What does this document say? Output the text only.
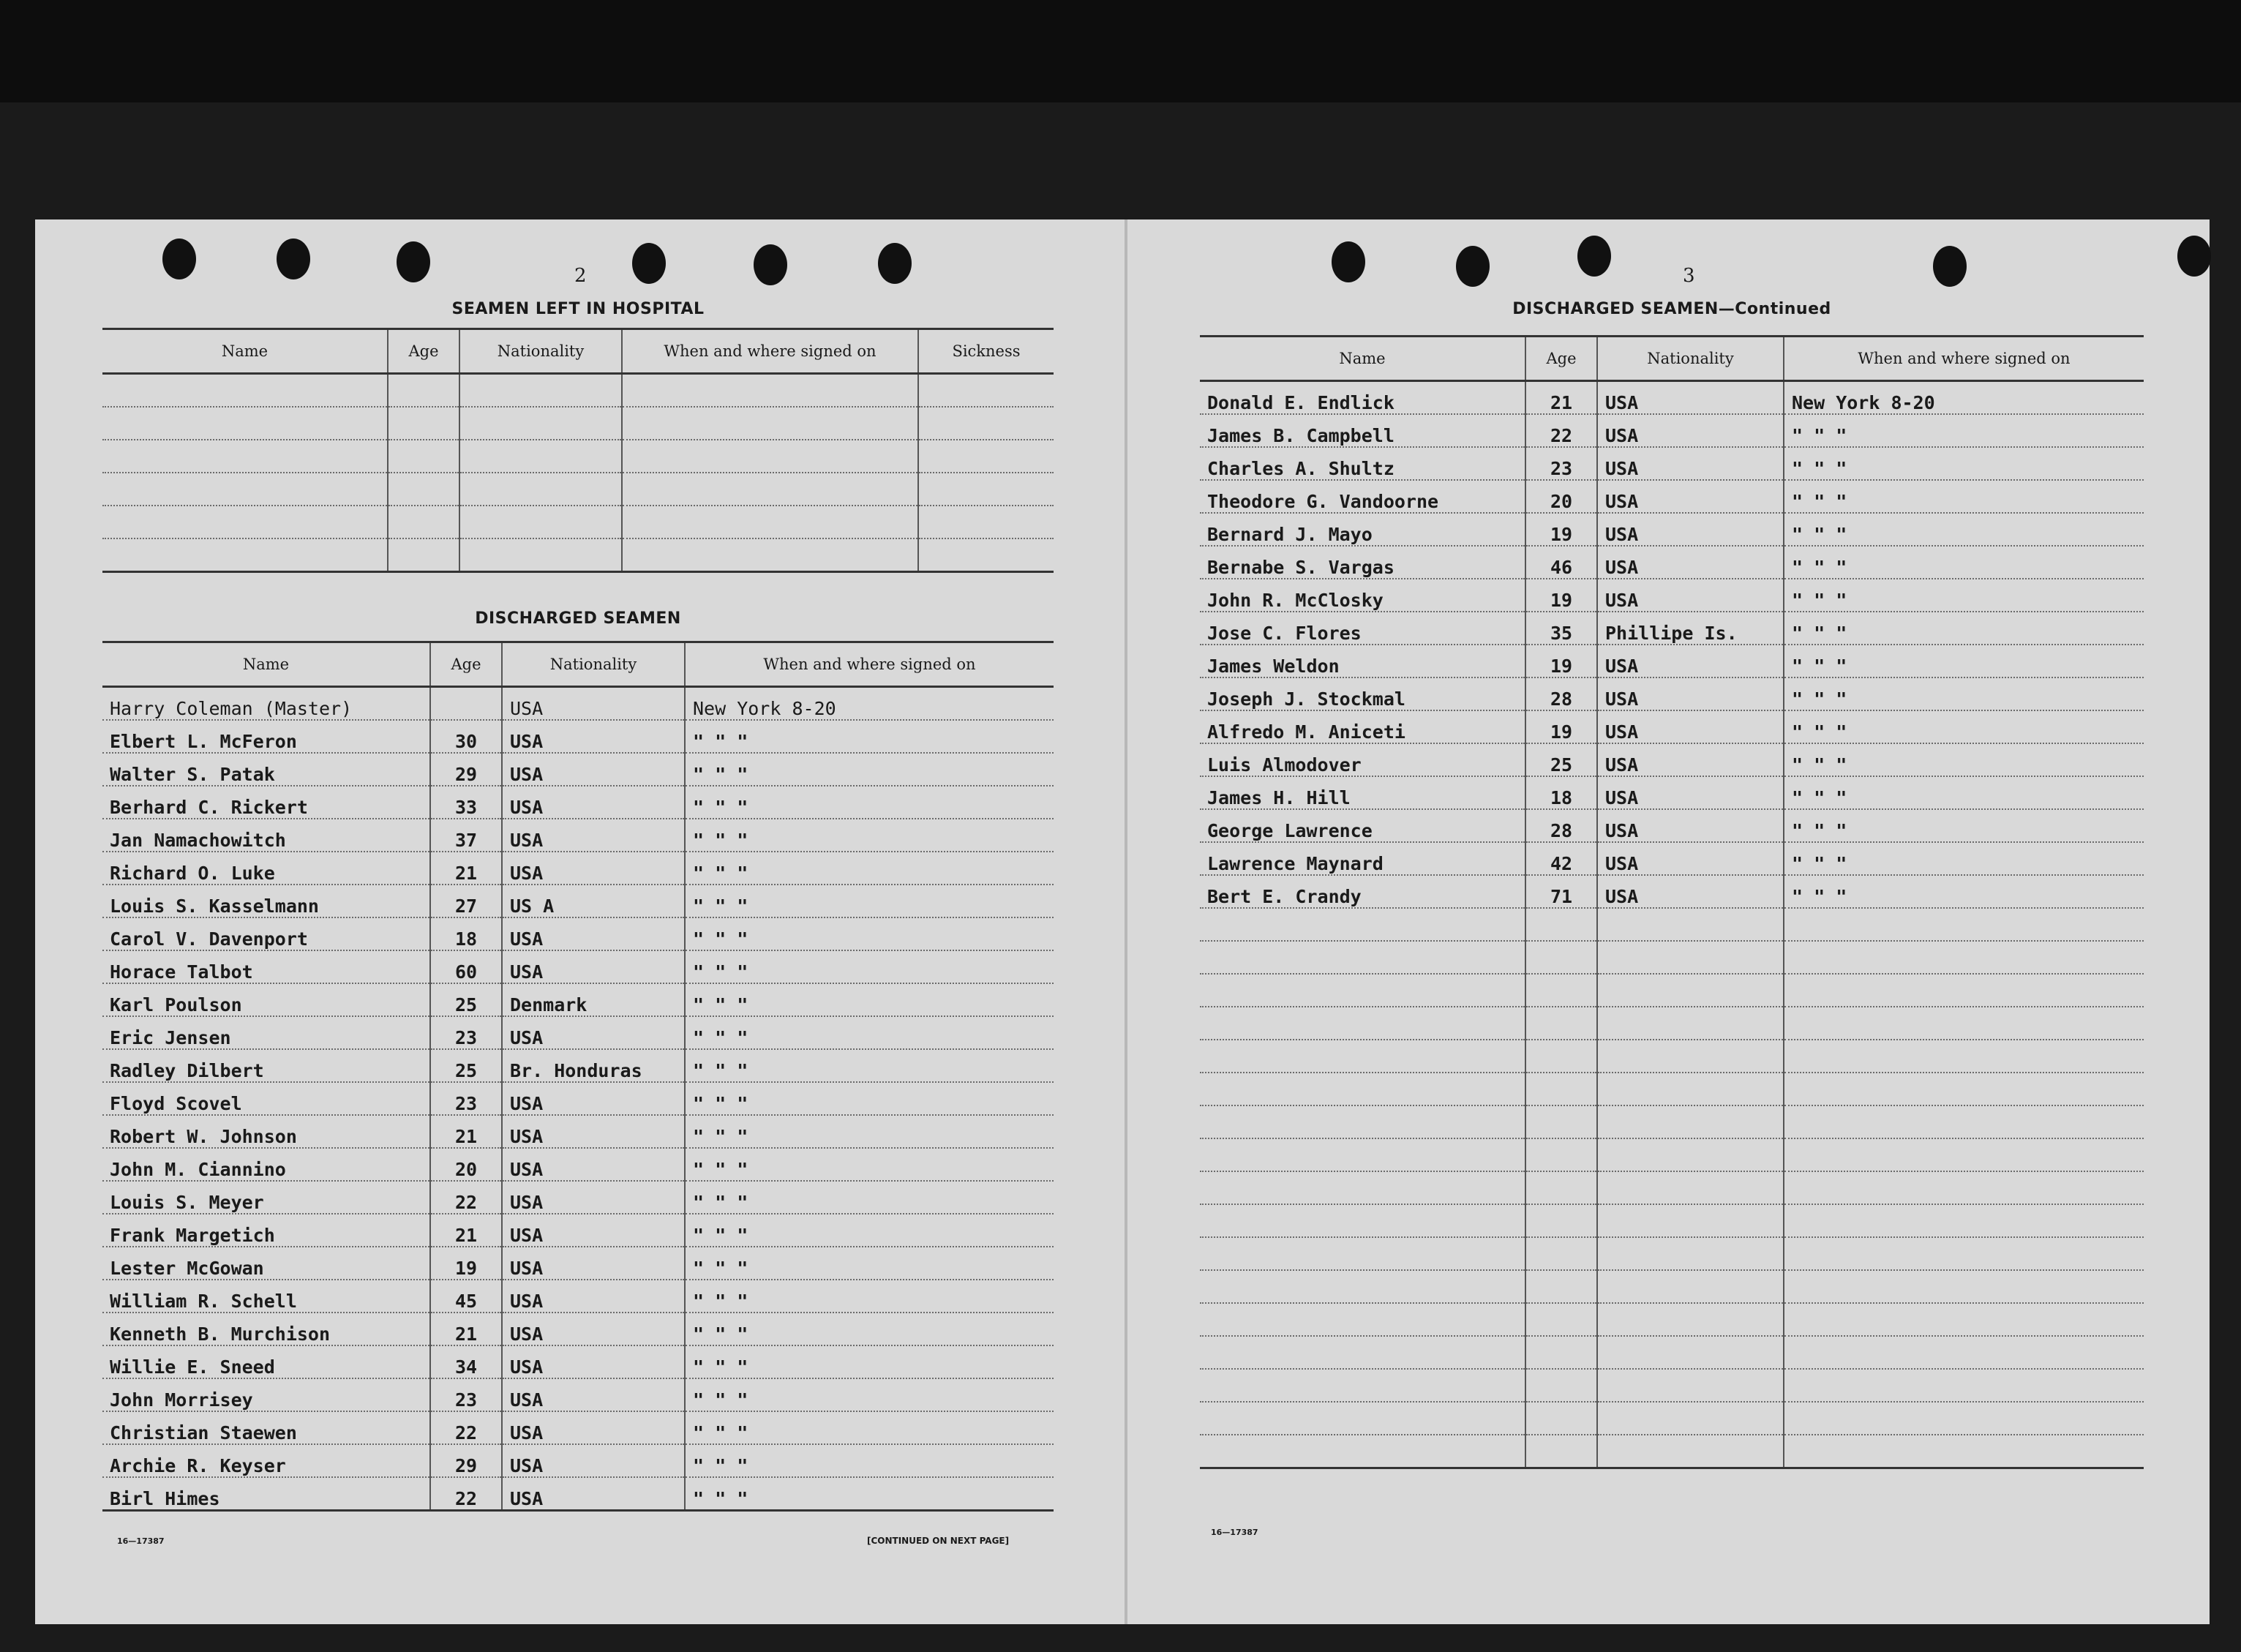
2
SEAMEN LEFT IN HOSPITAL
Name	Age	Nationality	When and where signed on	Sickness

DISCHARGED SEAMEN
Name	Age	Nationality	When and where signed on
Harry Coleman (Master)		USA	New York 8-20
Elbert L. McFeron	30	USA	" " "
Walter S. Patak	29	USA	" " "
Berhard C. Rickert	33	USA	" " "
Jan Namachowitch	37	USA	" " "
Richard O. Luke	21	USA	" " "
Louis S. Kasselmann	27	US A	" " "
Carol V. Davenport	18	USA	" " "
Horace Talbot	60	USA	" " "
Karl Poulson	25	Denmark	" " "
Eric Jensen	23	USA	" " "
Radley Dilbert	25	Br. Honduras	" " "
Floyd Scovel	23	USA	" " "
Robert W. Johnson	21	USA	" " "
John M. Ciannino	20	USA	" " "
Louis S. Meyer	22	USA	" " "
Frank Margetich	21	USA	" " "
Lester McGowan	19	USA	" " "
William R. Schell	45	USA	" " "
Kenneth B. Murchison	21	USA	" " "
Willie E. Sneed	34	USA	" " "
John Morrisey	23	USA	" " "
Christian Staewen	22	USA	" " "
Archie R. Keyser	29	USA	" " "
Birl Himes	22	USA	" " "
16—17387	[CONTINUED ON NEXT PAGE]
3
DISCHARGED SEAMEN—Continued
Name	Age	Nationality	When and where signed on
Donald E. Endlick	21	USA	New York 8-20
James B. Campbell	22	USA	" " "
Charles A. Shultz	23	USA	" " "
Theodore G. Vandoorne	20	USA	" " "
Bernard J. Mayo	19	USA	" " "
Bernabe S. Vargas	46	USA	" " "
John R. McClosky	19	USA	" " "
Jose C. Flores	35	Phillipe Is.	" " "
James Weldon	19	USA	" " "
Joseph J. Stockmal	28	USA	" " "
Alfredo M. Aniceti	19	USA	" " "
Luis Almodover	25	USA	" " "
James H. Hill	18	USA	" " "
George Lawrence	28	USA	" " "
Lawrence Maynard	42	USA	" " "
Bert E. Crandy	71	USA	" " "

16—17387
